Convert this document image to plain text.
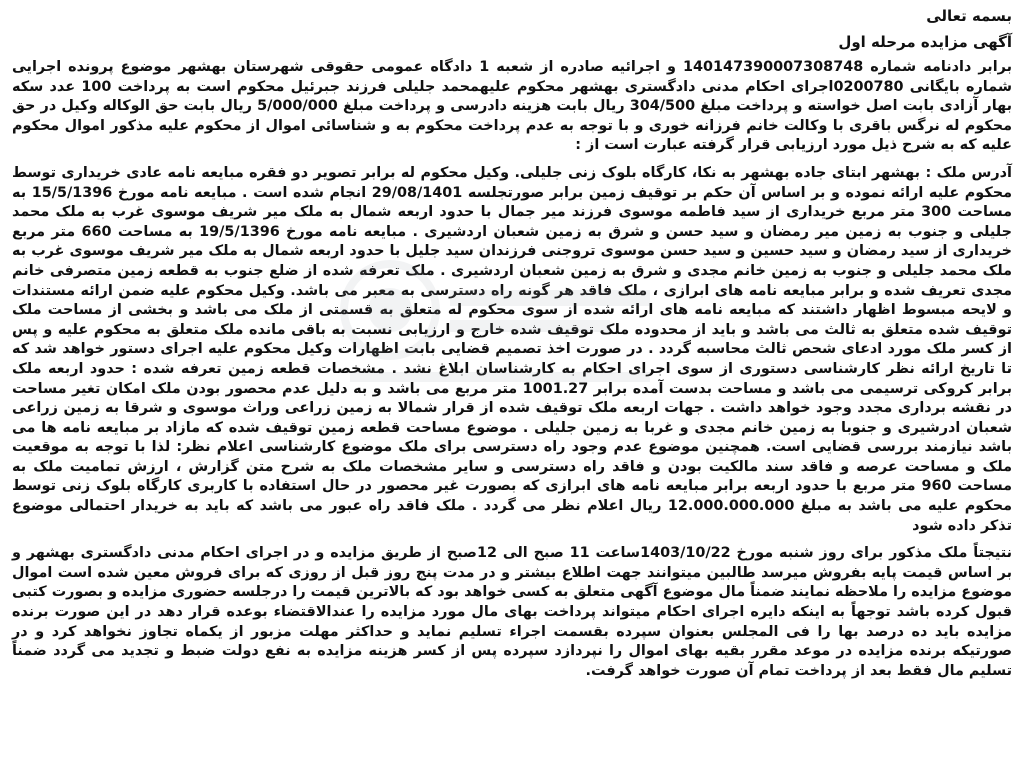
بسمه تعالی
آگهی مزایده مرحله اول

برابر دادنامه شماره 140147390007308748 و اجرائیه صادره از شعبه 1 دادگاه عمومی حقوقی شهرستان بهشهر موضوع پرونده اجرایی شماره بایگانی 0200780اجرای احکام مدنی دادگستری بهشهر محکوم علیهمحمد جلیلی فرزند جبرئیل محکوم است به پرداخت 100 عدد سکه بهار آزادی بابت اصل خواسته و پرداخت مبلغ 304/500 ریال بابت هزینه دادرسی و پرداخت مبلغ 5/000/000 ریال بابت حق الوکاله وکیل در حق محکوم له نرگس باقری با وکالت خانم فرزانه خوری و با توجه به عدم پرداخت محکوم به و شناسائی اموال از محکوم علیه مذکور اموال محکوم علیه که به شرح ذیل مورد ارزیابی قرار گرفته عبارت است از :

آدرس ملک : بهشهر ابتای جاده بهشهر به نکا، کارگاه بلوک زنی جلیلی. وکیل محکوم له برابر تصویر دو فقره مبایعه نامه عادی خریداری توسط محکوم علیه ارائه نموده و بر اساس آن حکم بر توقیف زمین برابر صورتجلسه 29/08/1401 انجام شده است . مبایعه نامه مورخ 15/5/1396 به مساحت 300 متر مربع خریداری از سید فاطمه موسوی فرزند میر جمال با حدود اربعه شمال به ملک میر شریف موسوی غرب به ملک محمد جلیلی و جنوب به زمین میر رمضان و سید حسن و شرق به زمین شعبان اردشیری . مبایعه نامه مورخ 19/5/1396 به مساحت 660 متر مربع خریداری از سید رمضان و سید حسین و سید حسن موسوی تروجنی فرزندان سید جلیل با حدود اربعه شمال به ملک میر شریف موسوی غرب به ملک محمد جلیلی و جنوب به زمین خانم مجدی و شرق به زمین شعبان اردشیری . ملک تعرفه شده از ضلع جنوب به قطعه زمین متصرفی خانم مجدی تعریف شده و برابر مبایعه نامه های ابرازی ، ملک فاقد هر گونه راه دسترسی به معبر می باشد. وکیل محکوم علیه ضمن ارائه مستندات و لایحه مبسوط اظهار داشتند که مبایعه نامه های ارائه شده از سوی محکوم له متعلق به قسمتی از ملک می باشد و بخشی از مساحت ملک توقیف شده متعلق به ثالث می باشد و باید از محدوده ملک توقیف شده خارج و ارزیابی نسبت به باقی مانده ملک متعلق به محکوم علیه و پس از کسر ملک مورد ادعای شحص ثالث محاسبه گردد . در صورت اخذ تصمیم قضایی بابت اظهارات وکیل محکوم علیه اجرای دستور خواهد شد که تا تاریخ ارائه نظر کارشناسی دستوری از سوی اجرای احکام به کارشناسان ابلاغ نشد . مشخصات قطعه زمین تعرفه شده : حدود اربعه ملک برابر کروکی ترسیمی می باشد و مساحت بدست آمده برابر 1001.27 متر مربع می باشد و به دلیل عدم محصور بودن ملک امکان تغیر مساحت در نقشه برداری مجدد وجود خواهد داشت . جهات اربعه ملک توقیف شده از قرار شمالا به زمین زراعی وراث موسوی و شرقا به زمین زراعی شعبان ادرشیری و جنوبا به زمین خانم مجدی و غربا به زمین جلیلی . موضوع مساحت قطعه زمین توقیف شده که مازاد بر مبایعه نامه ها می باشد نیازمند بررسی قضایی است. همچنین موضوع عدم وجود راه دسترسی برای ملک موضوع کارشناسی اعلام نظر: لذا با توجه به موقعیت ملک و مساحت عرصه و فاقد سند مالکیت بودن و فاقد راه دسترسی و سایر مشخصات ملک به شرح متن گزارش ، ارزش تمامیت ملک به مساحت 960 متر مربع با حدود اربعه برابر مبایعه نامه های ابرازی که بصورت غیر محصور در حال استفاده با کاربری کارگاه بلوک زنی توسط محکوم علیه می باشد به مبلغ 12.000.000.000 ریال اعلام نظر می گردد . ملک فاقد راه عبور می باشد که باید به خریدار احتمالی موضوع تذکر داده شود

نتیجتاً ملک مذکور برای روز شنبه مورخ 1403/10/22ساعت 11 صبح الی 12صبح از طریق مزایده و در اجرای احکام مدنی دادگستری بهشهر و بر اساس قیمت پایه بفروش میرسد طالبین میتوانند جهت اطلاع بیشتر و در مدت پنج روز قبل از روزی که برای فروش معین شده است اموال موضوع مزایده را ملاحظه نمایند ضمناً مال موضوع آگهی متعلق به کسی خواهد بود که بالاترین قیمت را درجلسه حضوری مزایده و بصورت کتبی قبول کرده باشد توجهاً به اینکه دایره اجرای احکام میتواند پرداخت بهای مال مورد مزایده را عندالاقتضاء بوعده قرار دهد در این صورت برنده مزایده باید ده درصد بها را فی المجلس بعنوان سپرده بقسمت اجراء تسلیم نماید و حداکثر مهلت مزبور از یکماه تجاوز نخواهد کرد و در صورتیکه برنده مزایده در موعد مقرر بقیه بهای اموال را نپردازد سپرده پس از کسر هزینه مزایده به نفع دولت ضبط و تجدید می گردد ضمناً تسلیم مال فقط بعد از پرداخت تمام آن صورت خواهد گرفت.
